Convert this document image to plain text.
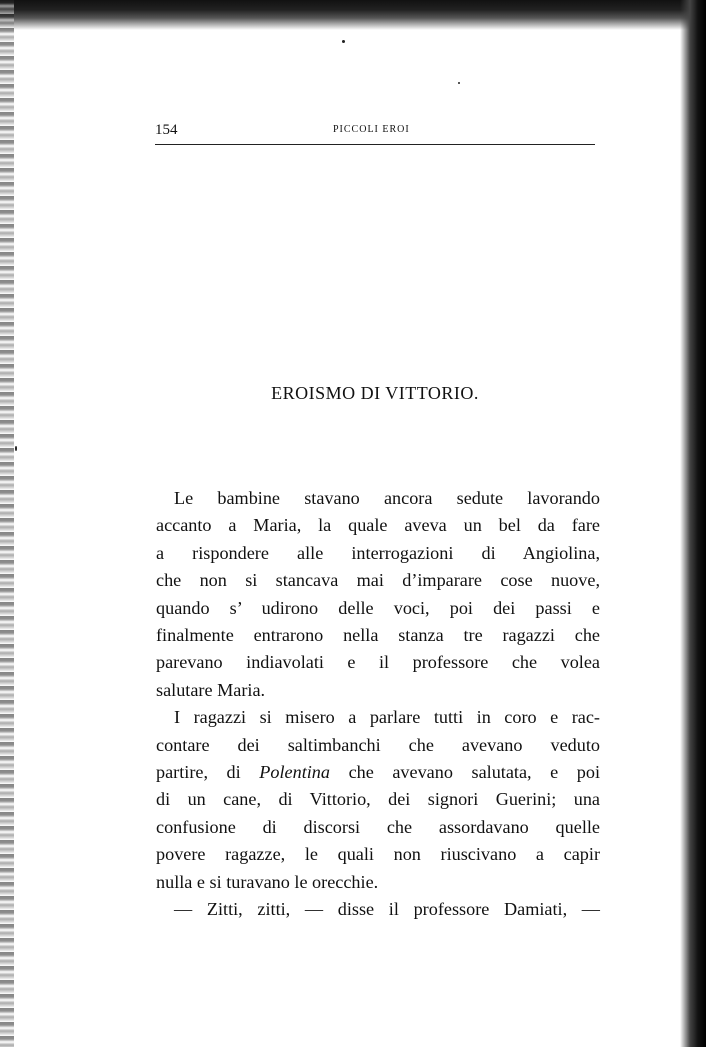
154	PICCOLI EROI
EROISMO DI VITTORIO.

Le bambine stavano ancora sedute lavorando
accanto a Maria, la quale aveva un bel da fare
a rispondere alle interrogazioni di Angiolina,
che non si stancava mai d’imparare cose nuove,
quando s’ udirono delle voci, poi dei passi e
finalmente entrarono nella stanza tre ragazzi che
parevano indiavolati e il professore che volea
salutare Maria.

I ragazzi si misero a parlare tutti in coro e rac-
contare dei saltimbanchi che avevano veduto
partire, di Polentina che avevano salutata, e poi
di un cane, di Vittorio, dei signori Guerini; una
confusione di discorsi che assordavano quelle
povere ragazze, le quali non riuscivano a capir
nulla e si turavano le orecchie.

— Zitti, zitti, — disse il professore Damiati, —
